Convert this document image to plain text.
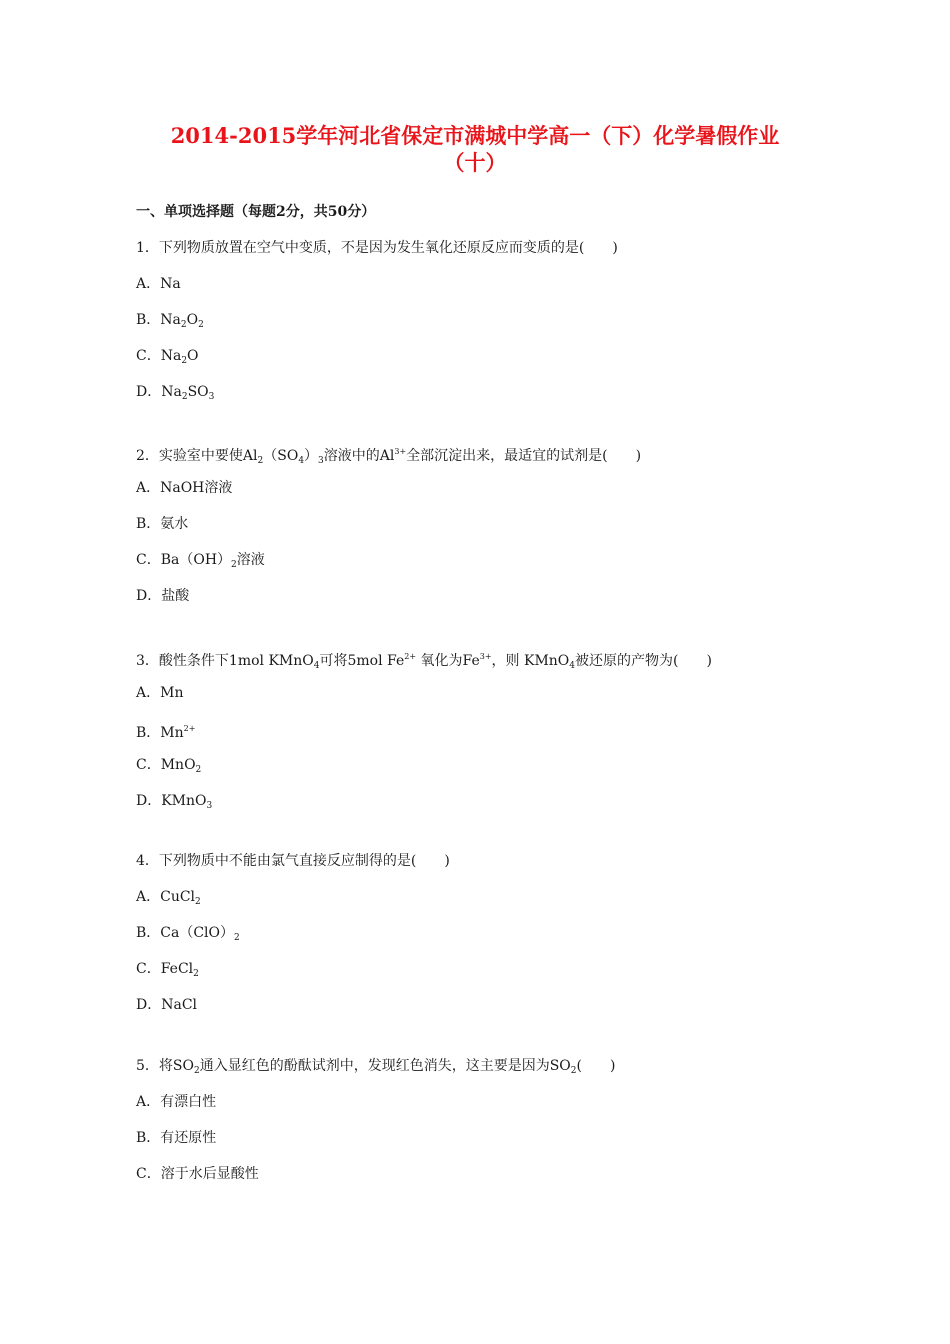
2014-2015学年河北省保定市满城中学高一（下）化学暑假作业
（十）
一、单项选择题（每题2分，共50分）
1．下列物质放置在空气中变质，不是因为发生氧化还原反应而变质的是(　　)
A．Na
B．$Na_2O_2$
C．$Na_2O$
D．$Na_2SO_3$
2．实验室中要使$Al_2(SO_4)_3$溶液中的$Al^{3+}$全部沉淀出来，最适宜的试剂是(　　)
A．NaOH溶液
B．氨水
C．$Ba(OH)_2$溶液
D．盐酸
3．酸性条件下1mol KMnO$_4$可将5mol $Fe^{2+}$ 氧化为$Fe^{3+}$，则 KMnO$_4$被还原的产物为(　　)
A．Mn
B．$Mn^{2+}$
C．MnO$_2$
D．KMnO$_3$
4．下列物质中不能由氯气直接反应制得的是(　　)
A．CuCl$_2$
B．$Ca(ClO)_2$
C．FeCl$_2$
D．NaCl
5．将$SO_2$通入显红色的酚酞试剂中，发现红色消失，这主要是因为$SO_2$(　　)
A．有漂白性
B．有还原性
C．溶于水后显酸性
